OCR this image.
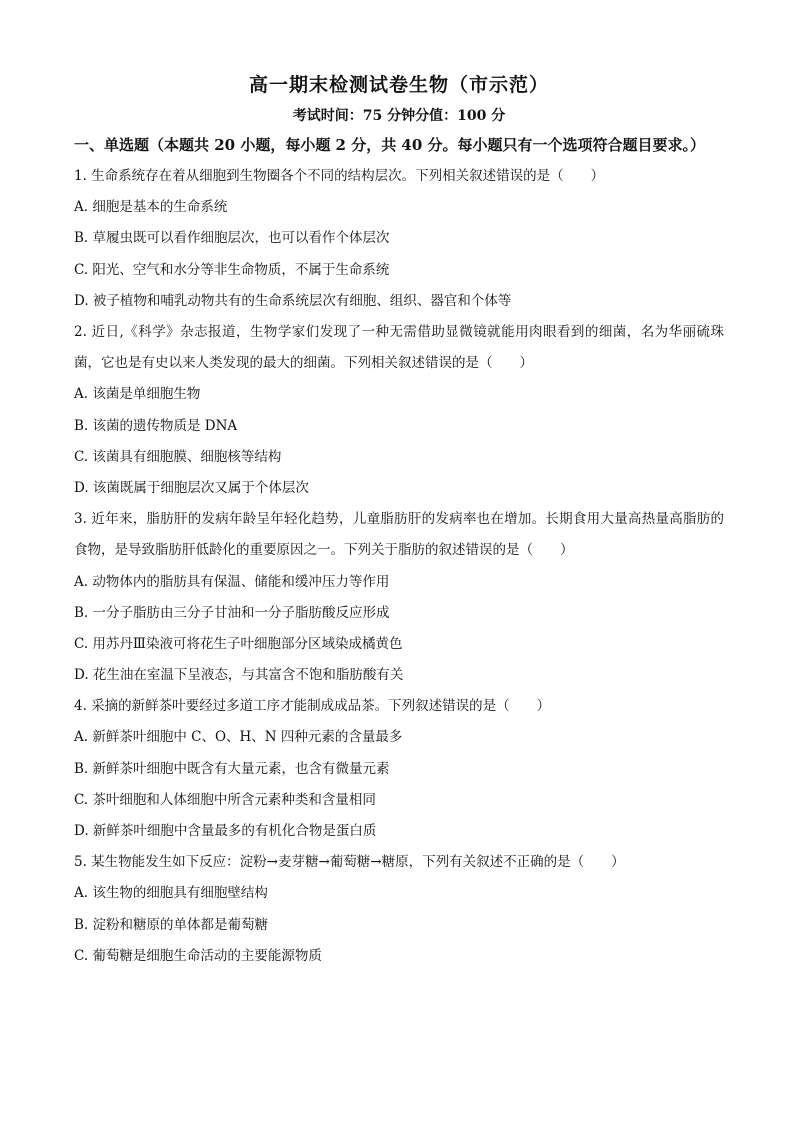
高一期末检测试卷生物（市示范）

考试时间：75 分钟分值：100 分

一、单选题（本题共 20 小题，每小题 2 分，共 40 分。每小题只有一个选项符合题目要求。）

1. 生命系统存在着从细胞到生物圈各个不同的结构层次。下列相关叙述错误的是（　　）

A. 细胞是基本的生命系统

B. 草履虫既可以看作细胞层次，也可以看作个体层次

C. 阳光、空气和水分等非生命物质，不属于生命系统

D. 被子植物和哺乳动物共有的生命系统层次有细胞、组织、器官和个体等

2. 近日,《科学》杂志报道，生物学家们发现了一种无需借助显微镜就能用肉眼看到的细菌，名为华丽硫珠菌，它也是有史以来人类发现的最大的细菌。下列相关叙述错误的是（　　）

A. 该菌是单细胞生物

B. 该菌的遗传物质是 DNA

C. 该菌具有细胞膜、细胞核等结构

D. 该菌既属于细胞层次又属于个体层次

3. 近年来，脂肪肝的发病年龄呈年轻化趋势，儿童脂肪肝的发病率也在增加。长期食用大量高热量高脂肪的食物，是导致脂肪肝低龄化的重要原因之一。下列关于脂肪的叙述错误的是（　　）

A. 动物体内的脂肪具有保温、储能和缓冲压力等作用

B. 一分子脂肪由三分子甘油和一分子脂肪酸反应形成

C. 用苏丹Ⅲ染液可将花生子叶细胞部分区域染成橘黄色

D. 花生油在室温下呈液态，与其富含不饱和脂肪酸有关

4. 采摘的新鲜茶叶要经过多道工序才能制成成品茶。下列叙述错误的是（　　）

A. 新鲜茶叶细胞中 C、O、H、N 四种元素的含量最多

B. 新鲜茶叶细胞中既含有大量元素，也含有微量元素

C. 茶叶细胞和人体细胞中所含元素种类和含量相同

D. 新鲜茶叶细胞中含量最多的有机化合物是蛋白质

5. 某生物能发生如下反应：淀粉→麦芽糖→葡萄糖→糖原，下列有关叙述不正确的是（　　）

A. 该生物的细胞具有细胞壁结构

B. 淀粉和糖原的单体都是葡萄糖

C. 葡萄糖是细胞生命活动的主要能源物质
